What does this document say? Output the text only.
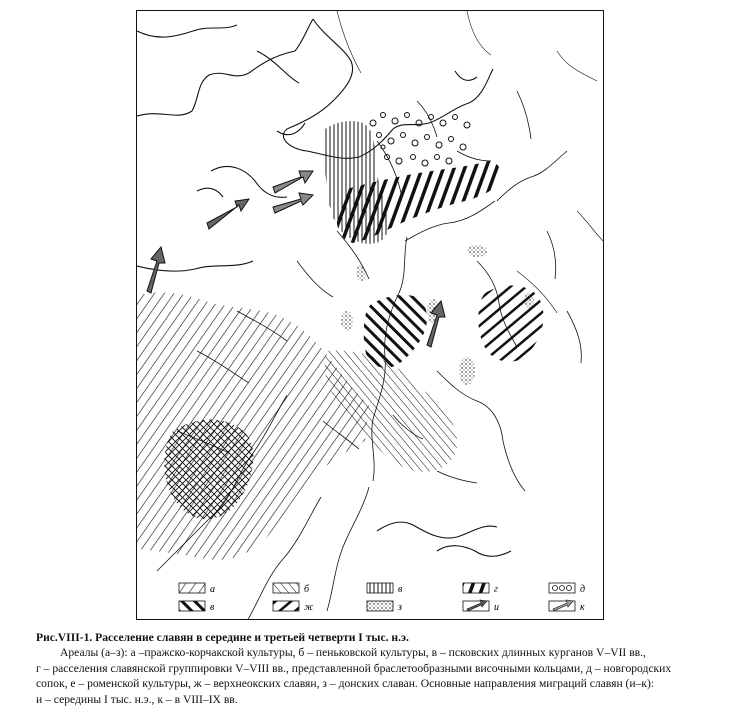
а	б	в	г	д
в	ж	з	и	к
Рис.VIII-1. Расселение славян в середине и третьей четверти I тыс. н.э.
Ареалы (а–з): а –пражско-корчакской культуры, б – пеньковской культуры, в – псковских длинных курганов V–VII вв.,
г – расселения славянской группировки V–VIII вв., представленной браслетообразными височными кольцами, д – новгородских
сопок, е – роменской культуры, ж – верхнеокских славян, з – донских славан. Основные направления миграций славян (и–к):
и – середины I тыс. н.э., к – в VIII–IX вв.
